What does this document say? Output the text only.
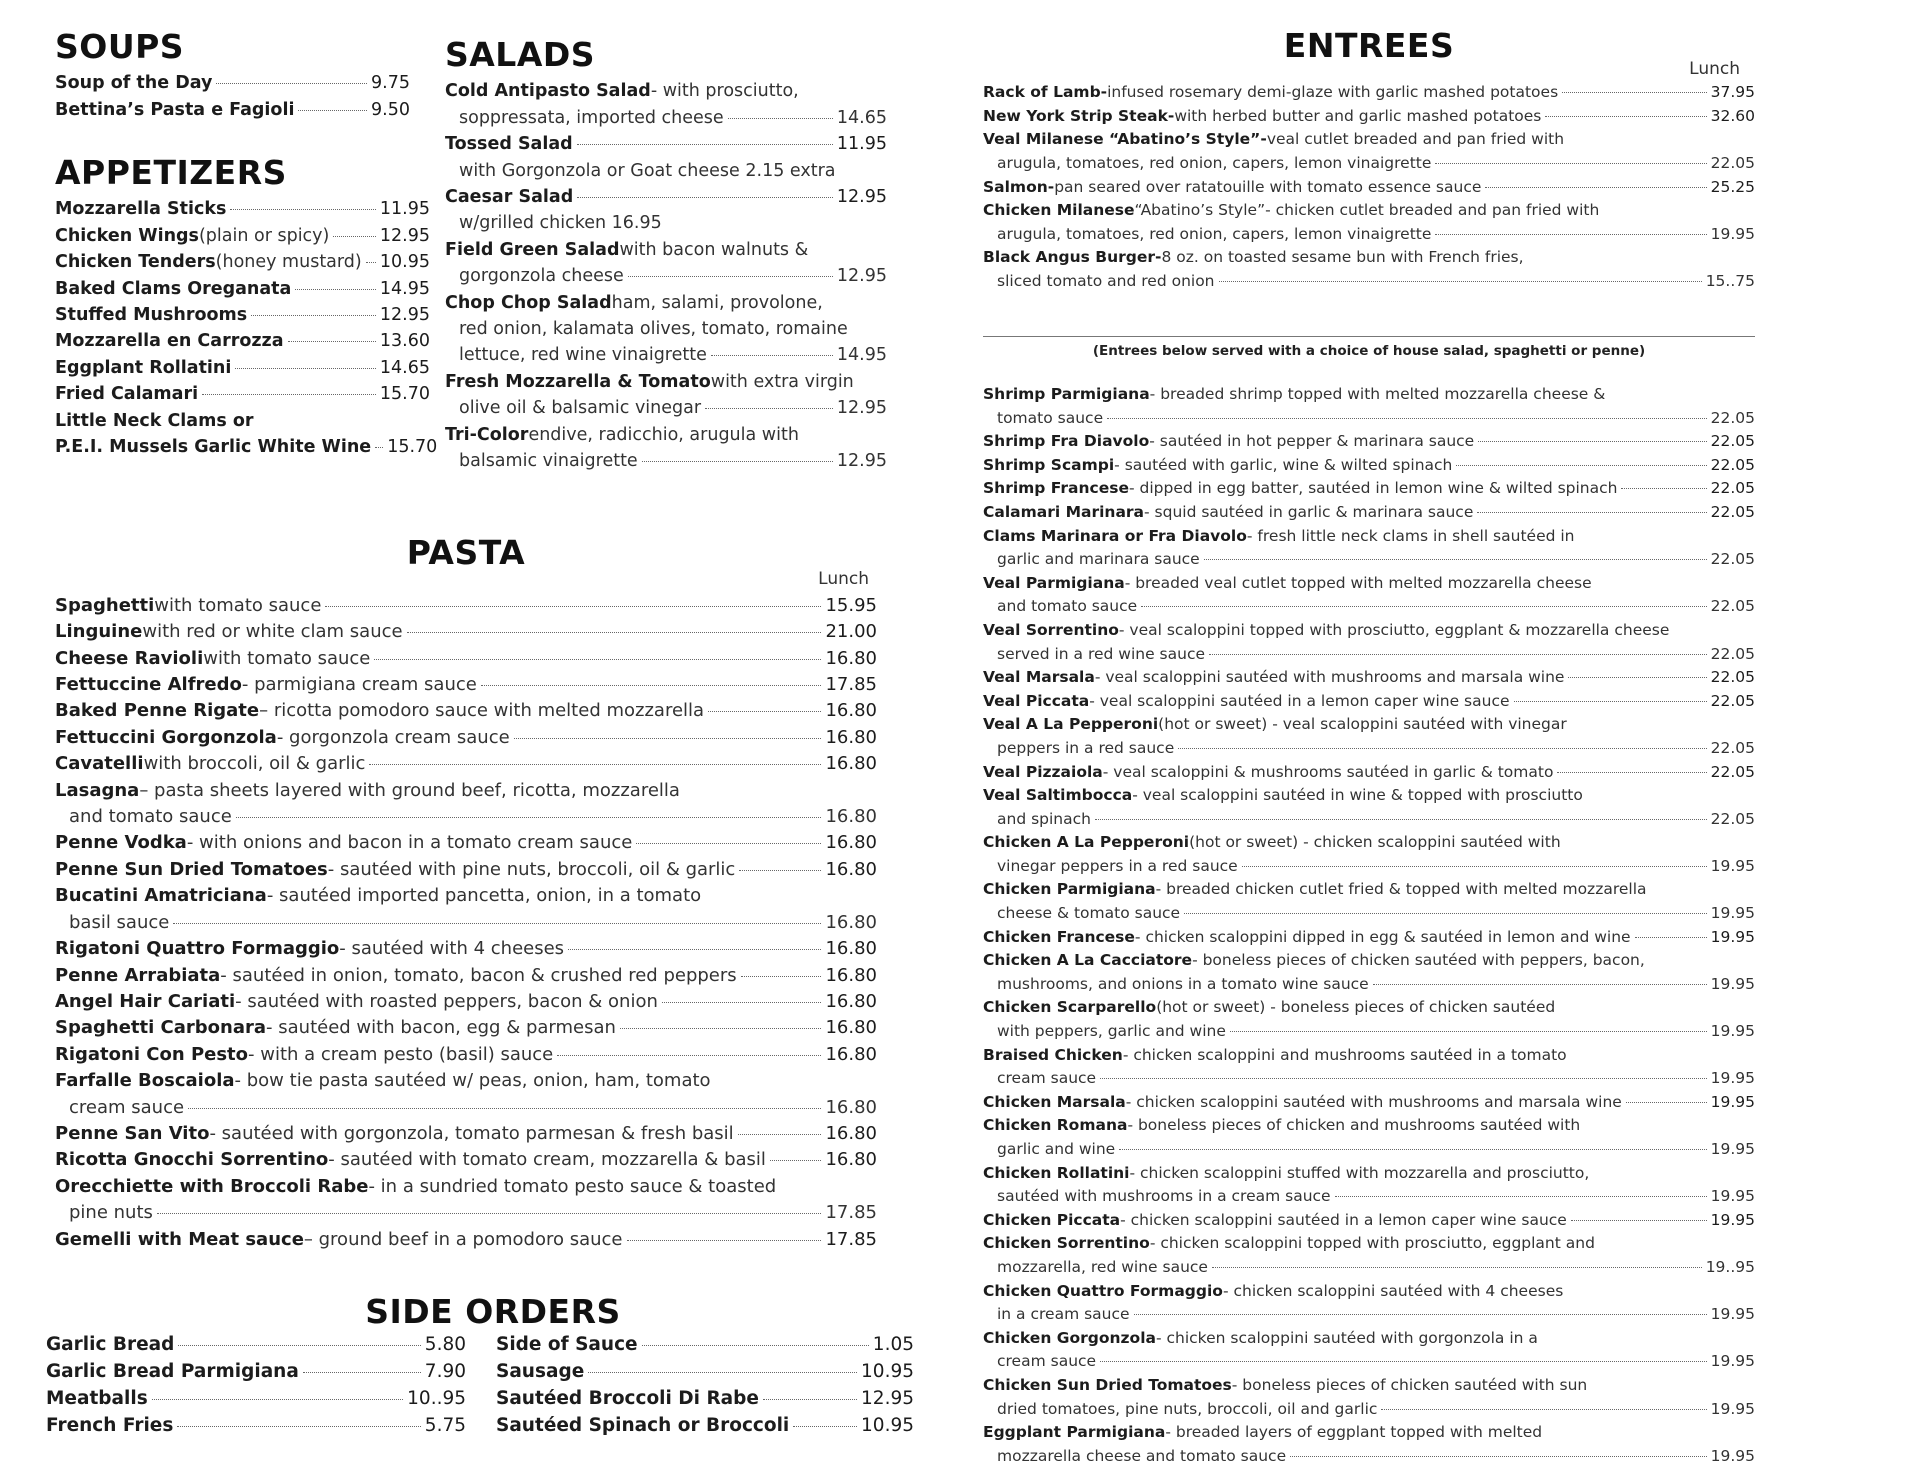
SOUPS
Soup of the Day	9.75
Bettina’s Pasta e Fagioli	9.50
APPETIZERS
Mozzarella Sticks	11.95
Chicken Wings (plain or spicy)	12.95
Chicken Tenders (honey mustard) 10.95
Baked Clams Oreganata	14.95
Stuffed Mushrooms	12.95
Mozzarella en Carrozza	13.60
Eggplant Rollatini	14.65
Fried Calamari	15.70
Little Neck Clams or
P.E.I. Mussels Garlic White Wine 15.70
SALADS
Cold Antipasto Salad - with prosciutto,
soppressata, imported cheese	14.65
Tossed Salad	11.95
with Gorgonzola or Goat cheese 2.15 extra
Caesar Salad	12.95
w/grilled chicken 16.95
Field Green Salad with bacon walnuts &
gorgonzola cheese	12.95
Chop Chop Salad ham, salami, provolone,
red onion, kalamata olives, tomato, romaine
lettuce, red wine vinaigrette	14.95
Fresh Mozzarella & Tomato with extra virgin
olive oil & balsamic vinegar	12.95
Tri-Color endive, radicchio, arugula with
balsamic vinaigrette	12.95
PASTA
Lunch
Spaghetti with tomato sauce	15.95
Linguine with red or white clam sauce	21.00
Cheese Ravioli with tomato sauce	16.80
Fettuccine Alfredo - parmigiana cream sauce	17.85
Baked Penne Rigate – ricotta pomodoro sauce with melted mozzarella	16.80
Fettuccini Gorgonzola - gorgonzola cream sauce	16.80
Cavatelli with broccoli, oil & garlic	16.80
Lasagna – pasta sheets layered with ground beef, ricotta, mozzarella
and tomato sauce	16.80
Penne Vodka - with onions and bacon in a tomato cream sauce	16.80
Penne Sun Dried Tomatoes - sautéed with pine nuts, broccoli, oil & garlic	16.80
Bucatini Amatriciana - sautéed imported pancetta, onion, in a tomato
basil sauce	16.80
Rigatoni Quattro Formaggio - sautéed with 4 cheeses	16.80
Penne Arrabiata - sautéed in onion, tomato, bacon & crushed red peppers	16.80
Angel Hair Cariati - sautéed with roasted peppers, bacon & onion	16.80
Spaghetti Carbonara - sautéed with bacon, egg & parmesan	16.80
Rigatoni Con Pesto - with a cream pesto (basil) sauce	16.80
Farfalle Boscaiola - bow tie pasta sautéed w/ peas, onion, ham, tomato
cream sauce	16.80
Penne San Vito - sautéed with gorgonzola, tomato parmesan & fresh basil	16.80
Ricotta Gnocchi Sorrentino - sautéed with tomato cream, mozzarella & basil	16.80
Orecchiette with Broccoli Rabe - in a sundried tomato pesto sauce & toasted
pine nuts	17.85
Gemelli with Meat sauce – ground beef in a pomodoro sauce	17.85
SIDE ORDERS
Garlic Bread	5.80
Garlic Bread Parmigiana	7.90
Meatballs	10..95
French Fries	5.75
Side of Sauce	1.05
Sausage	10.95
Sautéed Broccoli Di Rabe	12.95
Sautéed Spinach or Broccoli	10.95
ENTREES
Lunch
Rack of Lamb- infused rosemary demi-glaze with garlic mashed potatoes	37.95
New York Strip Steak- with herbed butter and garlic mashed potatoes	32.60
Veal Milanese “Abatino’s Style”- veal cutlet breaded and pan fried with
arugula, tomatoes, red onion, capers, lemon vinaigrette	22.05
Salmon- pan seared over ratatouille with tomato essence sauce	25.25
Chicken Milanese “Abatino’s Style”- chicken cutlet breaded and pan fried with
arugula, tomatoes, red onion, capers, lemon vinaigrette	19.95
Black Angus Burger- 8 oz. on toasted sesame bun with French fries,
sliced tomato and red onion	15..75
(Entrees below served with a choice of house salad, spaghetti or penne)
Shrimp Parmigiana - breaded shrimp topped with melted mozzarella cheese &
tomato sauce	22.05
Shrimp Fra Diavolo - sautéed in hot pepper & marinara sauce	22.05
Shrimp Scampi - sautéed with garlic, wine & wilted spinach	22.05
Shrimp Francese - dipped in egg batter, sautéed in lemon wine & wilted spinach	22.05
Calamari Marinara - squid sautéed in garlic & marinara sauce	22.05
Clams Marinara or Fra Diavolo - fresh little neck clams in shell sautéed in
garlic and marinara sauce	22.05
Veal Parmigiana - breaded veal cutlet topped with melted mozzarella cheese
and tomato sauce	22.05
Veal Sorrentino - veal scaloppini topped with prosciutto, eggplant & mozzarella cheese
served in a red wine sauce	22.05
Veal Marsala - veal scaloppini sautéed with mushrooms and marsala wine	22.05
Veal Piccata - veal scaloppini sautéed in a lemon caper wine sauce	22.05
Veal A La Pepperoni (hot or sweet) - veal scaloppini sautéed with vinegar
peppers in a red sauce	22.05
Veal Pizzaiola - veal scaloppini & mushrooms sautéed in garlic & tomato	22.05
Veal Saltimbocca - veal scaloppini sautéed in wine & topped with prosciutto
and spinach	22.05
Chicken A La Pepperoni (hot or sweet) - chicken scaloppini sautéed with
vinegar peppers in a red sauce	19.95
Chicken Parmigiana - breaded chicken cutlet fried & topped with melted mozzarella
cheese & tomato sauce	19.95
Chicken Francese - chicken scaloppini dipped in egg & sautéed in lemon and wine	19.95
Chicken A La Cacciatore - boneless pieces of chicken sautéed with peppers, bacon,
mushrooms, and onions in a tomato wine sauce	19.95
Chicken Scarparello (hot or sweet) - boneless pieces of chicken sautéed
with peppers, garlic and wine	19.95
Braised Chicken - chicken scaloppini and mushrooms sautéed in a tomato
cream sauce	19.95
Chicken Marsala - chicken scaloppini sautéed with mushrooms and marsala wine	19.95
Chicken Romana - boneless pieces of chicken and mushrooms sautéed with
garlic and wine	19.95
Chicken Rollatini - chicken scaloppini stuffed with mozzarella and prosciutto,
sautéed with mushrooms in a cream sauce	19.95
Chicken Piccata - chicken scaloppini sautéed in a lemon caper wine sauce	19.95
Chicken Sorrentino - chicken scaloppini topped with prosciutto, eggplant and
mozzarella, red wine sauce	19..95
Chicken Quattro Formaggio - chicken scaloppini sautéed with 4 cheeses
in a cream sauce	19.95
Chicken Gorgonzola - chicken scaloppini sautéed with gorgonzola in a
cream sauce	19.95
Chicken Sun Dried Tomatoes - boneless pieces of chicken sautéed with sun
dried tomatoes, pine nuts, broccoli, oil and garlic	19.95
Eggplant Parmigiana - breaded layers of eggplant topped with melted
mozzarella cheese and tomato sauce	19.95
